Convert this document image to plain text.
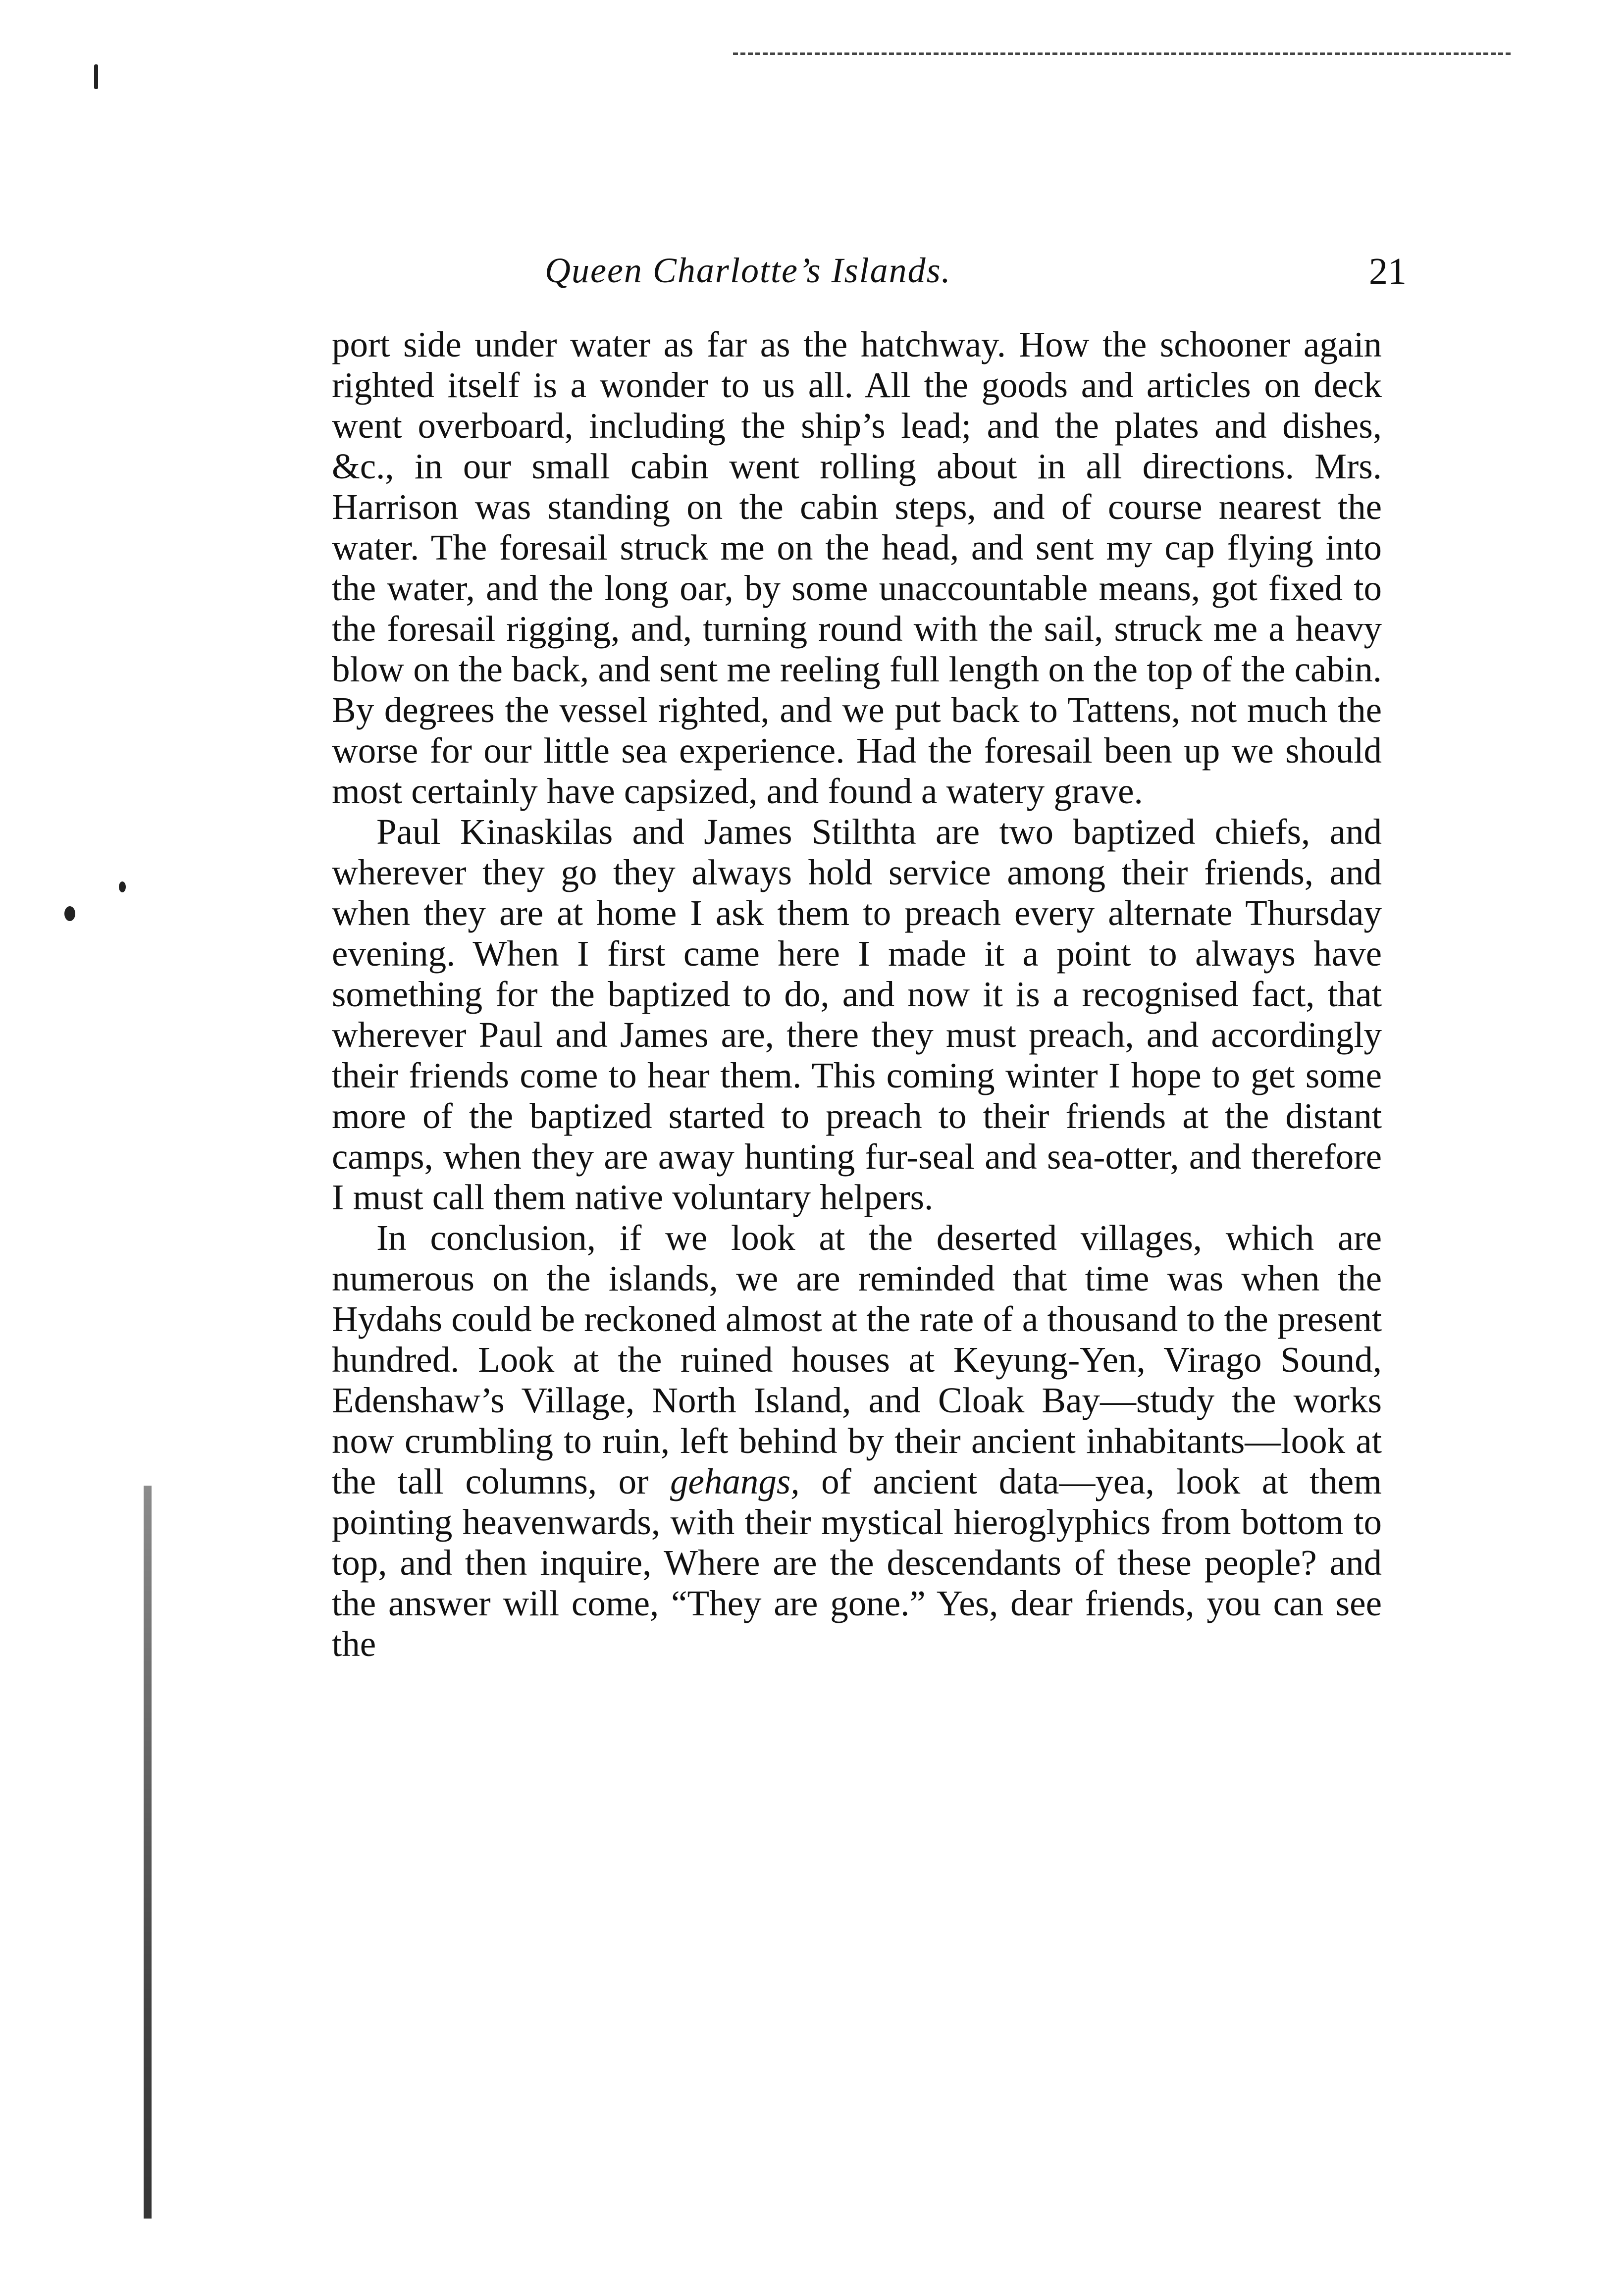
Queen Charlotte’s Islands.	21

port side under water as far as the hatchway. How the schooner again righted itself is a wonder to us all. All the goods and articles on deck went overboard, including the ship’s lead; and the plates and dishes, &c., in our small cabin went rolling about in all directions. Mrs. Harrison was standing on the cabin steps, and of course nearest the water. The foresail struck me on the head, and sent my cap flying into the water, and the long oar, by some unaccountable means, got fixed to the foresail rigging, and, turning round with the sail, struck me a heavy blow on the back, and sent me reeling full length on the top of the cabin. By degrees the vessel righted, and we put back to Tattens, not much the worse for our little sea experience. Had the foresail been up we should most certainly have capsized, and found a watery grave.

Paul Kinaskilas and James Stilthta are two baptized chiefs, and wherever they go they always hold service among their friends, and when they are at home I ask them to preach every alternate Thursday evening. When I first came here I made it a point to always have something for the baptized to do, and now it is a recognised fact, that wherever Paul and James are, there they must preach, and accordingly their friends come to hear them. This coming winter I hope to get some more of the baptized started to preach to their friends at the distant camps, when they are away hunting fur-seal and sea-otter, and therefore I must call them native voluntary helpers.

In conclusion, if we look at the deserted villages, which are numerous on the islands, we are reminded that time was when the Hydahs could be reckoned almost at the rate of a thousand to the present hundred. Look at the ruined houses at Keyung-Yen, Virago Sound, Edenshaw’s Village, North Island, and Cloak Bay—study the works now crumbling to ruin, left behind by their ancient inhabitants—look at the tall columns, or gehangs, of ancient data—yea, look at them pointing heavenwards, with their mystical hieroglyphics from bottom to top, and then inquire, Where are the descendants of these people? and the answer will come, “They are gone.” Yes, dear friends, you can see the
